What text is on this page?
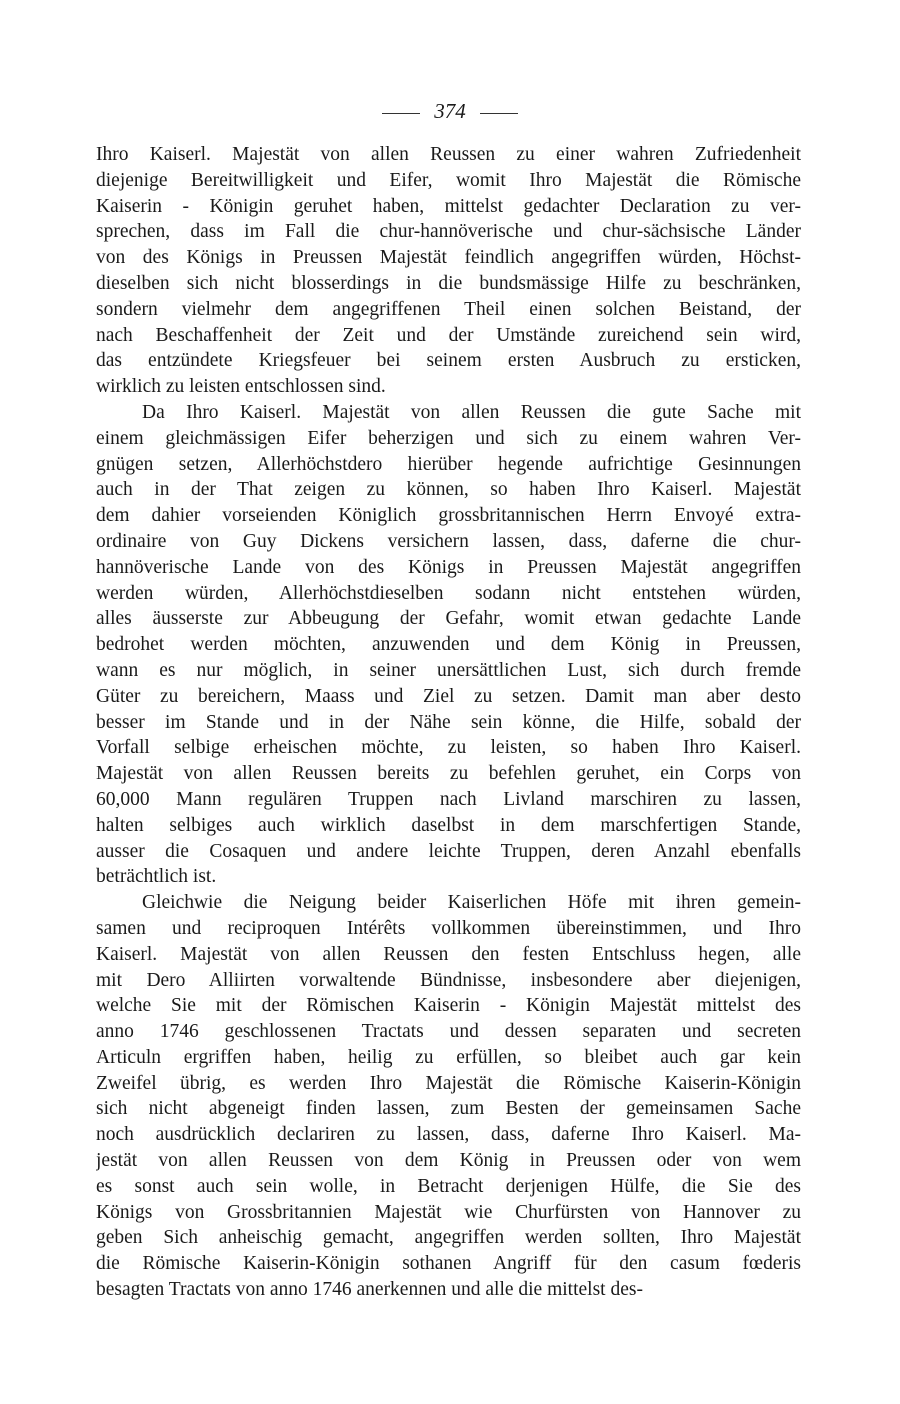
374
Ihro Kaiserl. Majestät von allen Reussen zu einer wahren Zufriedenheit
diejenige Bereitwilligkeit und Eifer, womit Ihro Majestät die Römische
Kaiserin - Königin geruhet haben, mittelst gedachter Declaration zu ver-
sprechen, dass im Fall die chur-hannöverische und chur-sächsische Länder
von des Königs in Preussen Majestät feindlich angegriffen würden, Höchst-
dieselben sich nicht blosserdings in die bundsmässige Hilfe zu beschränken,
sondern vielmehr dem angegriffenen Theil einen solchen Beistand, der
nach Beschaffenheit der Zeit und der Umstände zureichend sein wird,
das entzündete Kriegsfeuer bei seinem ersten Ausbruch zu ersticken,
wirklich zu leisten entschlossen sind.
Da Ihro Kaiserl. Majestät von allen Reussen die gute Sache mit
einem gleichmässigen Eifer beherzigen und sich zu einem wahren Ver-
gnügen setzen, Allerhöchstdero hierüber hegende aufrichtige Gesinnungen
auch in der That zeigen zu können, so haben Ihro Kaiserl. Majestät
dem dahier vorseienden Königlich grossbritannischen Herrn Envoyé extra-
ordinaire von Guy Dickens versichern lassen, dass, daferne die chur-
hannöverische Lande von des Königs in Preussen Majestät angegriffen
werden würden, Allerhöchstdieselben sodann nicht entstehen würden,
alles äusserste zur Abbeugung der Gefahr, womit etwan gedachte Lande
bedrohet werden möchten, anzuwenden und dem König in Preussen,
wann es nur möglich, in seiner unersättlichen Lust, sich durch fremde
Güter zu bereichern, Maass und Ziel zu setzen. Damit man aber desto
besser im Stande und in der Nähe sein könne, die Hilfe, sobald der
Vorfall selbige erheischen möchte, zu leisten, so haben Ihro Kaiserl.
Majestät von allen Reussen bereits zu befehlen geruhet, ein Corps von
60,000 Mann regulären Truppen nach Livland marschiren zu lassen,
halten selbiges auch wirklich daselbst in dem marschfertigen Stande,
ausser die Cosaquen und andere leichte Truppen, deren Anzahl ebenfalls
beträchtlich ist.
Gleichwie die Neigung beider Kaiserlichen Höfe mit ihren gemein-
samen und reciproquen Intérêts vollkommen übereinstimmen, und Ihro
Kaiserl. Majestät von allen Reussen den festen Entschluss hegen, alle
mit Dero Alliirten vorwaltende Bündnisse, insbesondere aber diejenigen,
welche Sie mit der Römischen Kaiserin - Königin Majestät mittelst des
anno 1746 geschlossenen Tractats und dessen separaten und secreten
Articuln ergriffen haben, heilig zu erfüllen, so bleibet auch gar kein
Zweifel übrig, es werden Ihro Majestät die Römische Kaiserin-Königin
sich nicht abgeneigt finden lassen, zum Besten der gemeinsamen Sache
noch ausdrücklich declariren zu lassen, dass, daferne Ihro Kaiserl. Ma-
jestät von allen Reussen von dem König in Preussen oder von wem
es sonst auch sein wolle, in Betracht derjenigen Hülfe, die Sie des
Königs von Grossbritannien Majestät wie Churfürsten von Hannover zu
geben Sich anheischig gemacht, angegriffen werden sollten, Ihro Majestät
die Römische Kaiserin-Königin sothanen Angriff für den casum fœderis
besagten Tractats von anno 1746 anerkennen und alle die mittelst des-
